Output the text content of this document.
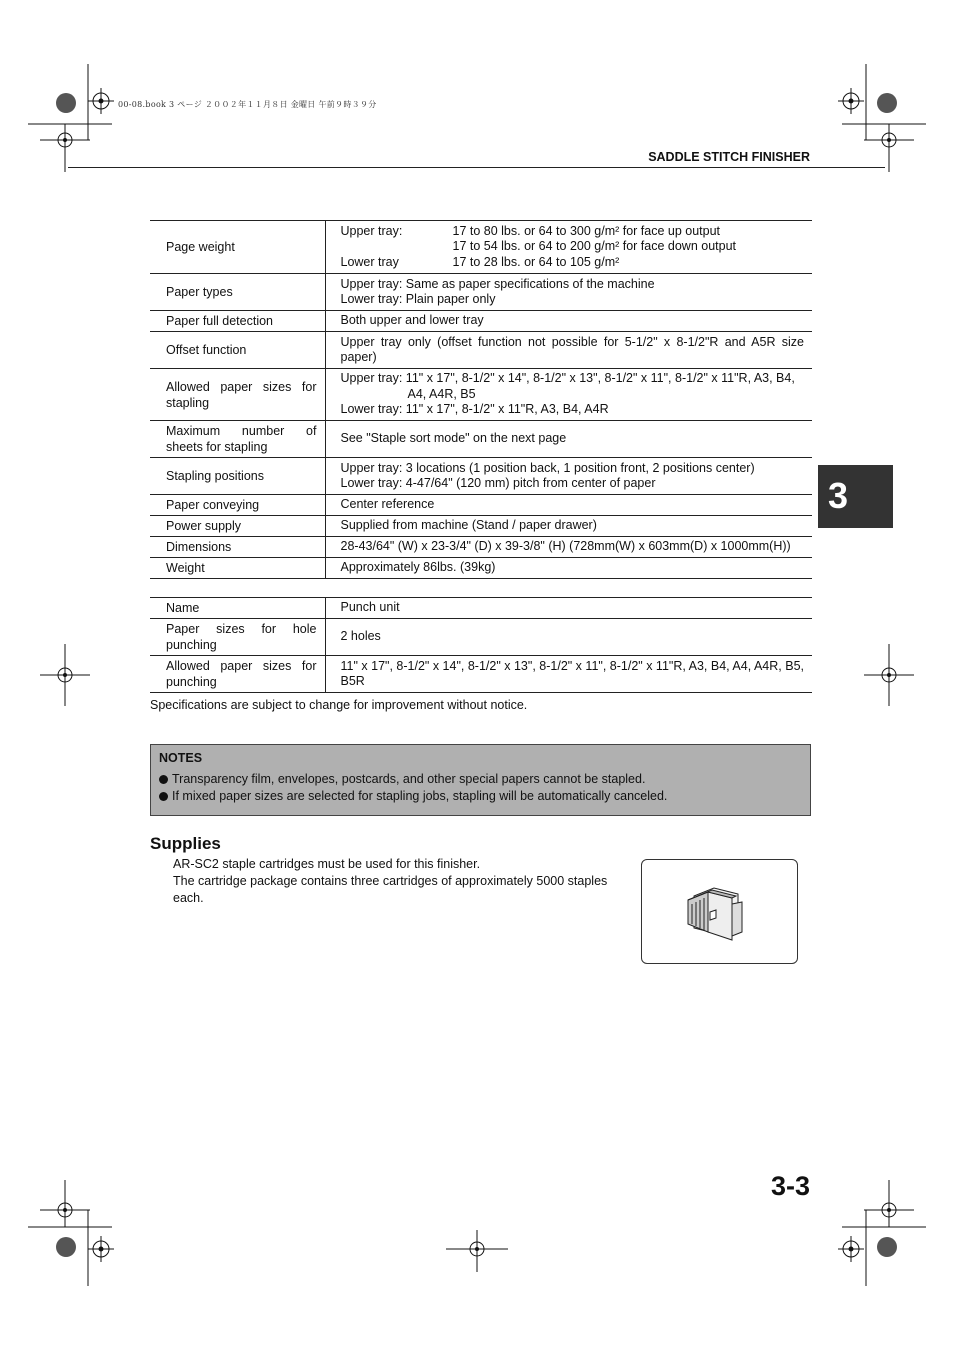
00-08.book 3 ページ ２００２年１１月８日 金曜日 午前９時３９分
SADDLE STITCH FINISHER
3
Page weight	Upper tray: 17 to 80 lbs. or 64 to 300 g/m² for face up output
17 to 54 lbs. or 64 to 200 g/m² for face down output
Lower tray 17 to 28 lbs. or 64 to 105 g/m²

Paper types	Upper tray: Same as paper specifications of the machine
Lower tray: Plain paper only

Paper full detection	Both upper and lower tray
Offset function	Upper tray only (offset function not possible for 5-1/2" x 8-1/2"R and A5R size paper)
Allowed paper sizes for stapling	Upper tray: 11" x 17", 8-1/2" x 14", 8-1/2" x 13", 8-1/2" x 11", 8-1/2" x 11"R, A3, B4,
A4, A4R, B5
Lower tray: 11" x 17", 8-1/2" x 11"R, A3, B4, A4R

Maximum number of sheets for stapling	See "Staple sort mode" on the next page
Stapling positions	Upper tray: 3 locations (1 position back, 1 position front, 2 positions center)
Lower tray: 4-47/64" (120 mm) pitch from center of paper

Paper conveying	Center reference
Power supply	Supplied from machine (Stand / paper drawer)
Dimensions	28-43/64" (W) x 23-3/4" (D) x 39-3/8" (H) (728mm(W) x 603mm(D) x 1000mm(H))
Weight	Approximately 86lbs. (39kg)
Name	Punch unit
Paper sizes for hole punching	2 holes
Allowed paper sizes for punching	11" x 17", 8-1/2" x 14", 8-1/2" x 13", 8-1/2" x 11", 8-1/2" x 11"R, A3, B4, A4, A4R, B5, B5R
Specifications are subject to change for improvement without notice.
NOTES
Transparency film, envelopes, postcards, and other special papers cannot be stapled.
If mixed paper sizes are selected for stapling jobs, stapling will be automatically canceled.
Supplies
AR-SC2 staple cartridges must be used for this finisher.
The cartridge package contains three cartridges of approximately 5000 staples each.
3-3
